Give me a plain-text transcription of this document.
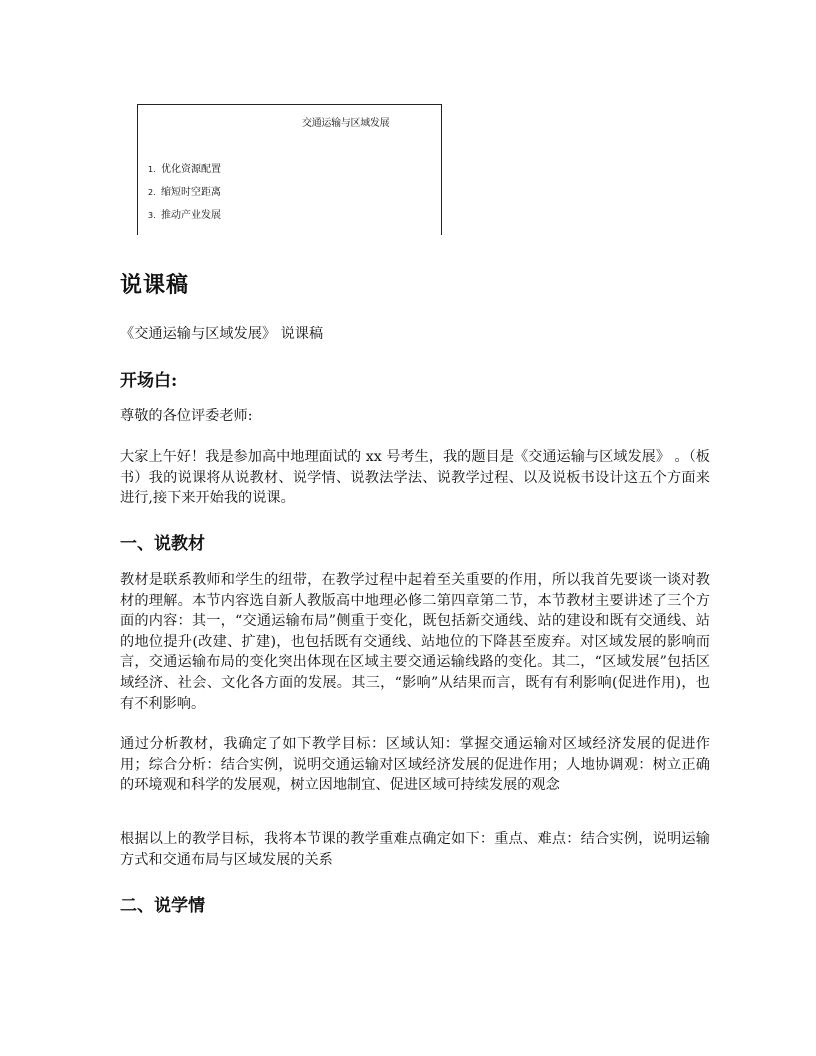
交通运输与区域发展
1. 优化资源配置
2. 缩短时空距离
3. 推动产业发展
说课稿

《交通运输与区域发展》 说课稿

开场白:

尊敬的各位评委老师:

大家上午好！我是参加高中地理面试的 xx 号考生，我的题目是《交通运输与区域发展》 。（板书）我的说课将从说教材、说学情、说教法学法、说教学过程、以及说板书设计这五个方面来进行,接下来开始我的说课。

一、说教材

教材是联系教师和学生的纽带，在教学过程中起着至关重要的作用，所以我首先要谈一谈对教材的理解。本节内容选自新人教版高中地理必修二第四章第二节，本节教材主要讲述了三个方面的内容：其一，“交通运输布局”侧重于变化，既包括新交通线、站的建设和既有交通线、站的地位提升(改建、扩建)，也包括既有交通线、站地位的下降甚至废弃。对区域发展的影响而言，交通运输布局的变化突出体现在区域主要交通运输线路的变化。其二，“区域发展”包括区域经济、社会、文化各方面的发展。其三，“影响”从结果而言，既有有利影响(促进作用)，也有不利影响。

通过分析教材，我确定了如下教学目标：区域认知：掌握交通运输对区域经济发展的促进作用；综合分析：结合实例，说明交通运输对区域经济发展的促进作用；人地协调观：树立正确的环境观和科学的发展观，树立因地制宜、促进区域可持续发展的观念

根据以上的教学目标，我将本节课的教学重难点确定如下：重点、难点：结合实例，说明运输方式和交通布局与区域发展的关系

二、说学情
